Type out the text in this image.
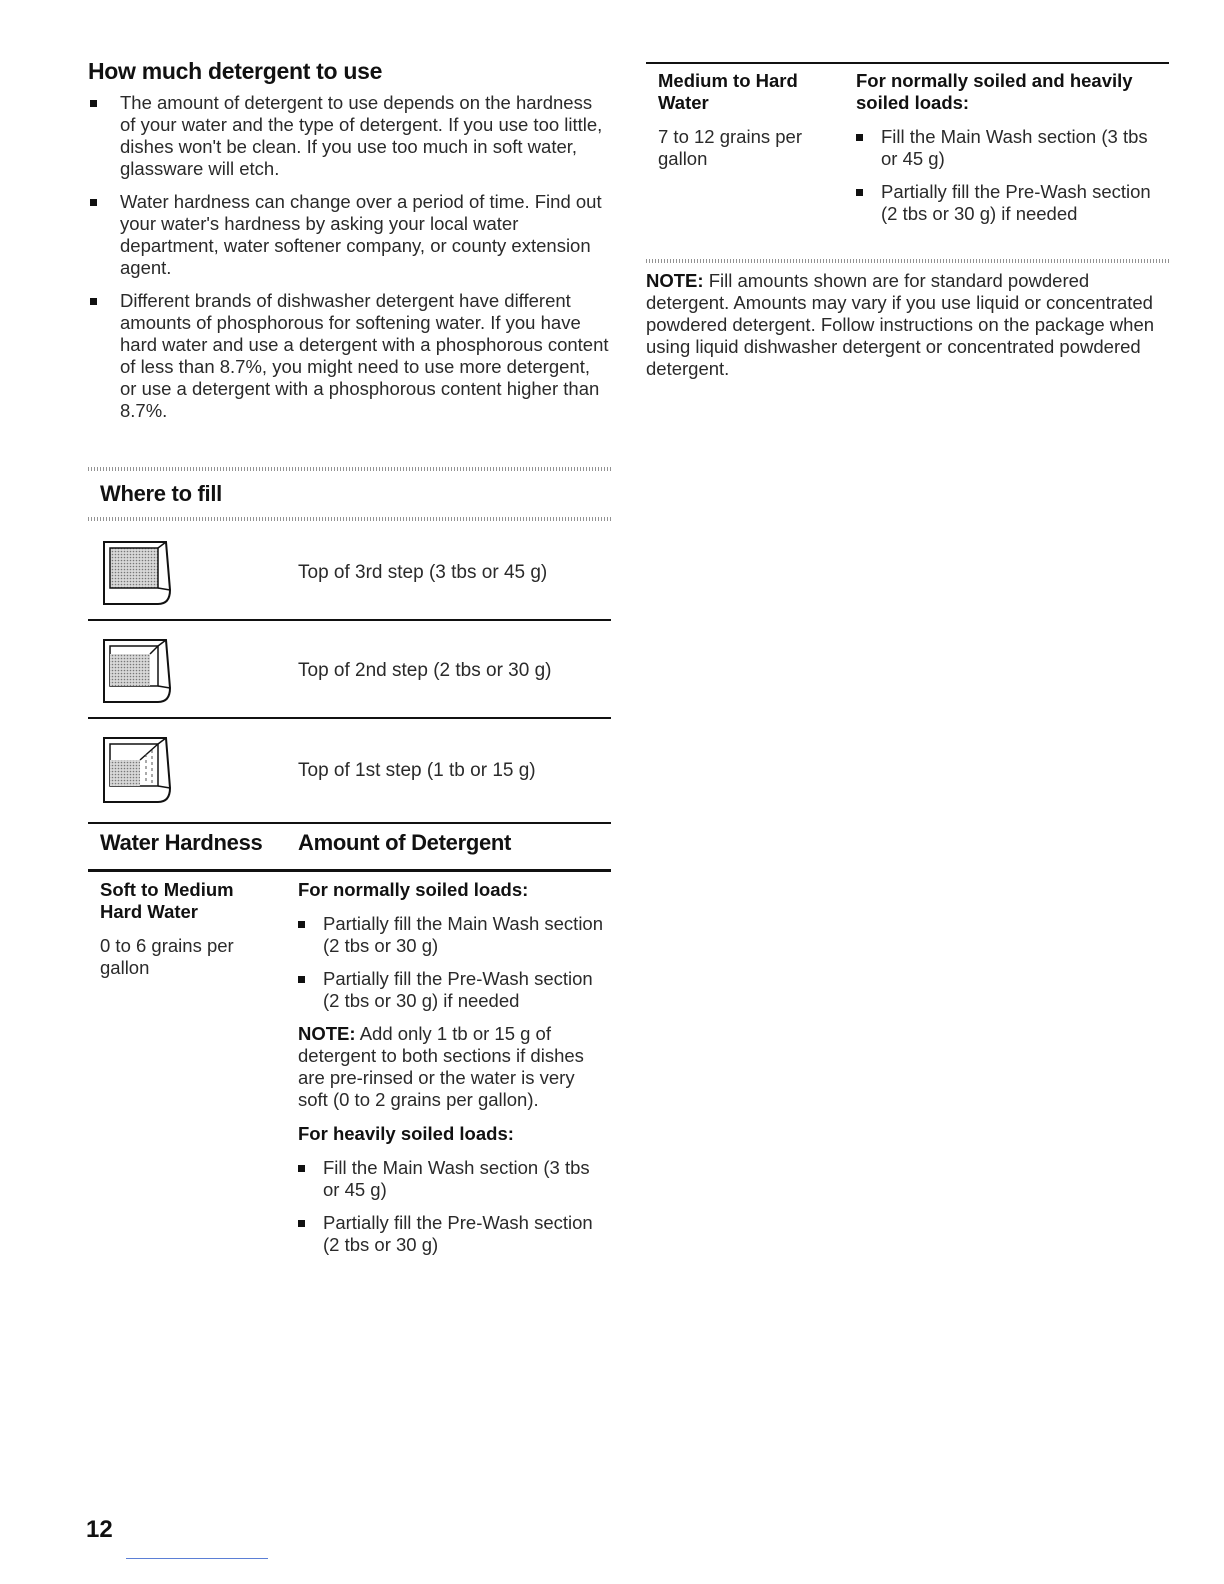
How much detergent to use
The amount of detergent to use depends on the hardness of your water and the type of detergent. If you use too little, dishes won't be clean. If you use too much in soft water, glassware will etch.
Water hardness can change over a period of time. Find out your water's hardness by asking your local water department, water softener company, or county extension agent.
Different brands of dishwasher detergent have different amounts of phosphorous for softening water. If you have hard water and use a detergent with a phosphorous content of less than 8.7%, you might need to use more detergent, or use a detergent with a phosphorous content higher than 8.7%.
Where to fill
Top of 3rd step (3 tbs or 45 g)
Top of 2nd step (2 tbs or 30 g)
Top of 1st step (1 tb or 15 g)
Water Hardness Amount of Detergent
Soft to Medium Hard Water
0 to 6 grains per gallon
For normally soiled loads:
Partially fill the Main Wash section (2 tbs or 30 g)
Partially fill the Pre-Wash section (2 tbs or 30 g) if needed
NOTE: Add only 1 tb or 15 g of detergent to both sections if dishes are pre-rinsed or the water is very soft (0 to 2 grains per gallon).
For heavily soiled loads:
Fill the Main Wash section (3 tbs or 45 g)
Partially fill the Pre-Wash section (2 tbs or 30 g)
12
Medium to Hard Water
7 to 12 grains per gallon
For normally soiled and heavily soiled loads:
Fill the Main Wash section (3 tbs or 45 g)
Partially fill the Pre-Wash section (2 tbs or 30 g) if needed
NOTE: Fill amounts shown are for standard powdered detergent. Amounts may vary if you use liquid or concentrated powdered detergent. Follow instructions on the package when using liquid dishwasher detergent or concentrated powdered detergent.
